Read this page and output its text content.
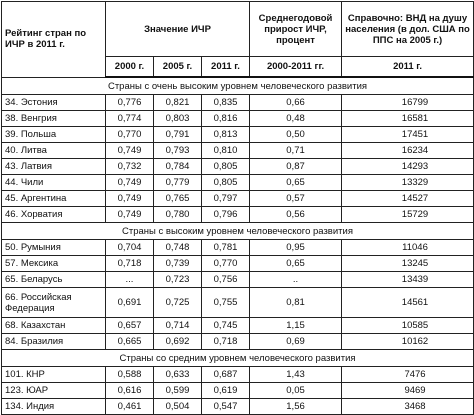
Рейтинг стран по ИЧР в 2011 г.	Значение ИЧР			Среднегодовой прирост ИЧР, процент	Справочно: ВНД на душу населения (в дол. США по ППС на 2005 г.)
	2000 г.	2005 г.	2011 г.	2000-2011 гг.	2011 г.
Страны с очень высоким уровнем человеческого развития					
34. Эстония	0,776	0,821	0,835	0,66	16799
38. Венгрия	0,774	0,803	0,816	0,48	16581
39. Польша	0,770	0,791	0,813	0,50	17451
40. Литва	0,749	0,793	0,810	0,71	16234
43. Латвия	0,732	0,784	0,805	0,87	14293
44. Чили	0,749	0,779	0,805	0,65	13329
45. Аргентина	0,749	0,765	0,797	0,57	14527
46. Хорватия	0,749	0,780	0,796	0,56	15729
Страны с высоким уровнем человеческого развития					
50. Румыния	0,704	0,748	0,781	0,95	11046
57. Мексика	0,718	0,739	0,770	0,65	13245
65. Беларусь	...	0,723	0,756	..	13439
66. Российская Федерация	0,691	0,725	0,755	0,81	14561
68. Казахстан	0,657	0,714	0,745	1,15	10585
84. Бразилия	0,665	0,692	0,718	0,69	10162
Страны со средним уровнем человеческого развития					
101. КНР	0,588	0,633	0,687	1,43	7476
123. ЮАР	0,616	0,599	0,619	0,05	9469
134. Индия	0,461	0,504	0,547	1,56	3468
